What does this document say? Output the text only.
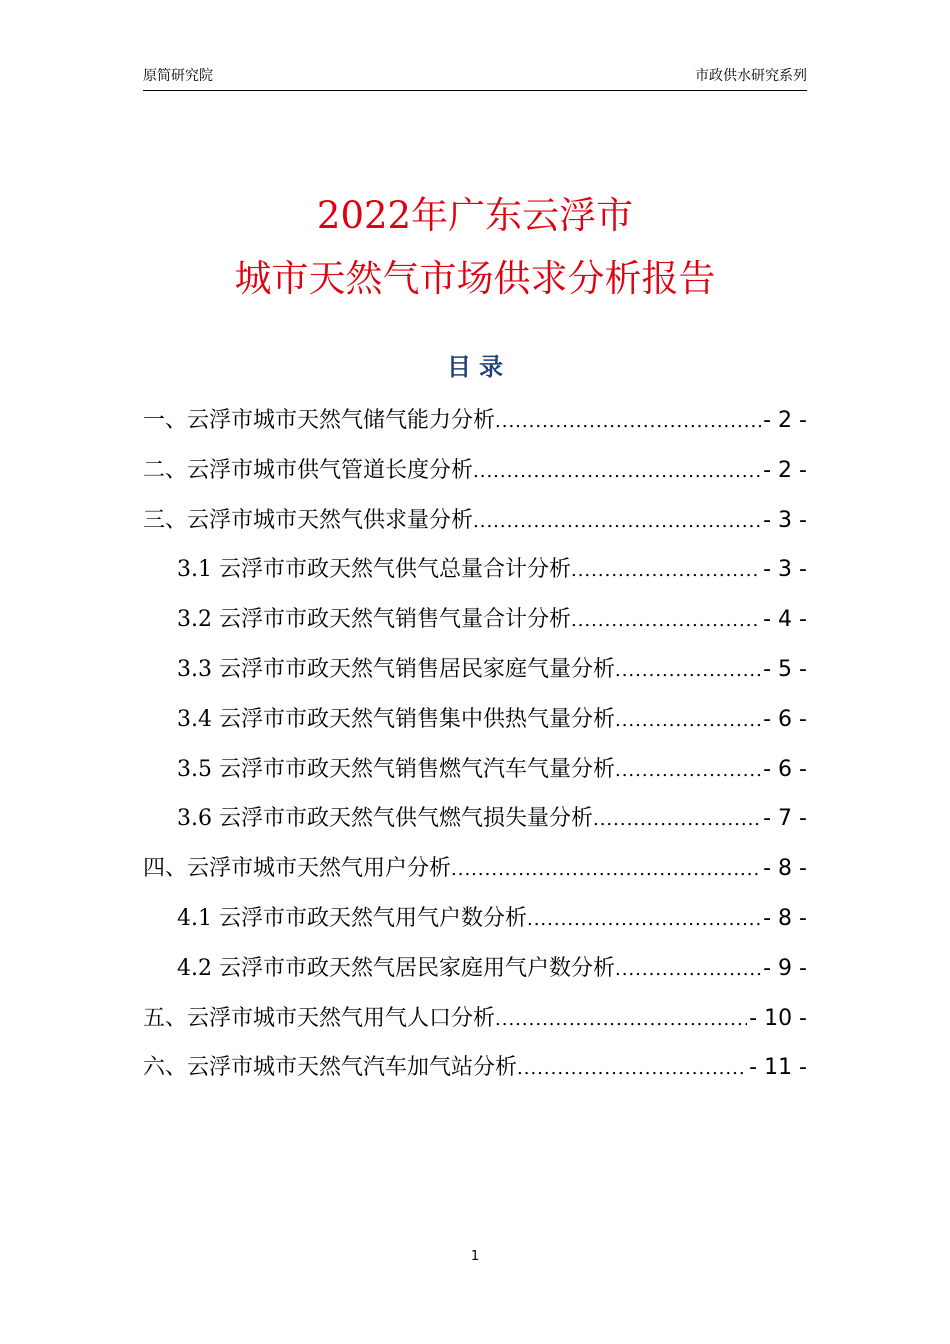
原简研究院	市政供水研究系列
2022年广东云浮市
城市天然气市场供求分析报告
目录
一、云浮市城市天然气储气能力分析 .....	- 2 -
二、云浮市城市供气管道长度分析 .....	- 2 -
三、云浮市城市天然气供求量分析 .....	- 3 -
3.1 云浮市市政天然气供气总量合计分析 .....	- 3 -
3.2 云浮市市政天然气销售气量合计分析 .....	- 4 -
3.3 云浮市市政天然气销售居民家庭气量分析 .....	- 5 -
3.4 云浮市市政天然气销售集中供热气量分析 .....	- 6 -
3.5 云浮市市政天然气销售燃气汽车气量分析 .....	- 6 -
3.6 云浮市市政天然气供气燃气损失量分析 .....	- 7 -
四、云浮市城市天然气用户分析 .....	- 8 -
4.1 云浮市市政天然气用气户数分析 .....	- 8 -
4.2 云浮市市政天然气居民家庭用气户数分析 .....	- 9 -
五、云浮市城市天然气用气人口分析 .....	- 10 -
六、云浮市城市天然气汽车加气站分析 .....	- 11 -
1
